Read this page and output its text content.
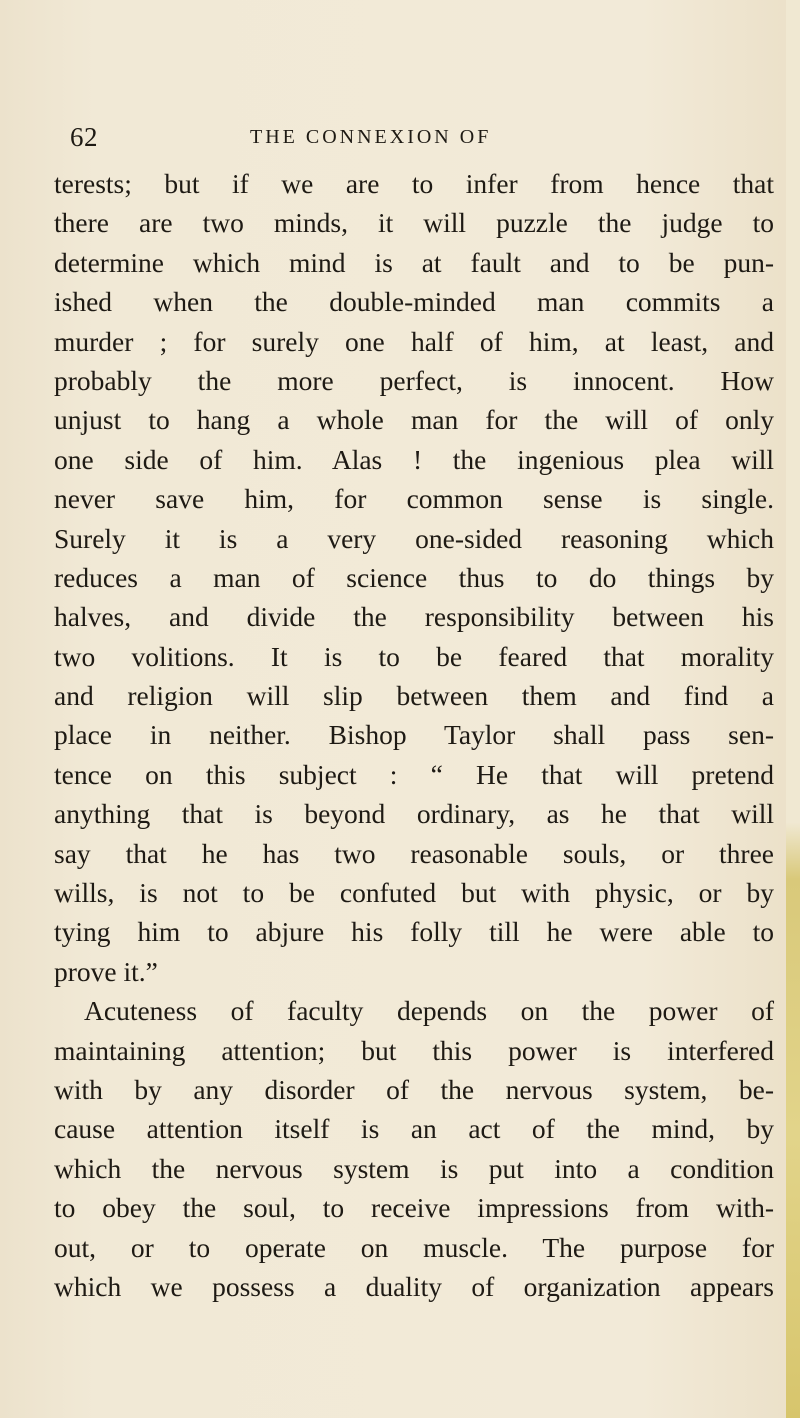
62	THE CONNEXION OF
terests; but if we are to infer from hence that
there are two minds, it will puzzle the judge to
determine which mind is at fault and to be pun-
ished when the double-minded man commits a
murder ; for surely one half of him, at least, and
probably the more perfect, is innocent. How
unjust to hang a whole man for the will of only
one side of him. Alas ! the ingenious plea will
never save him, for common sense is single.
Surely it is a very one-sided reasoning which
reduces a man of science thus to do things by
halves, and divide the responsibility between his
two volitions. It is to be feared that morality
and religion will slip between them and find a
place in neither. Bishop Taylor shall pass sen-
tence on this subject : “ He that will pretend
anything that is beyond ordinary, as he that will
say that he has two reasonable souls, or three
wills, is not to be confuted but with physic, or by
tying him to abjure his folly till he were able to
prove it.”
Acuteness of faculty depends on the power of
maintaining attention; but this power is interfered
with by any disorder of the nervous system, be-
cause attention itself is an act of the mind, by
which the nervous system is put into a condition
to obey the soul, to receive impressions from with-
out, or to operate on muscle. The purpose for
which we possess a duality of organization appears
